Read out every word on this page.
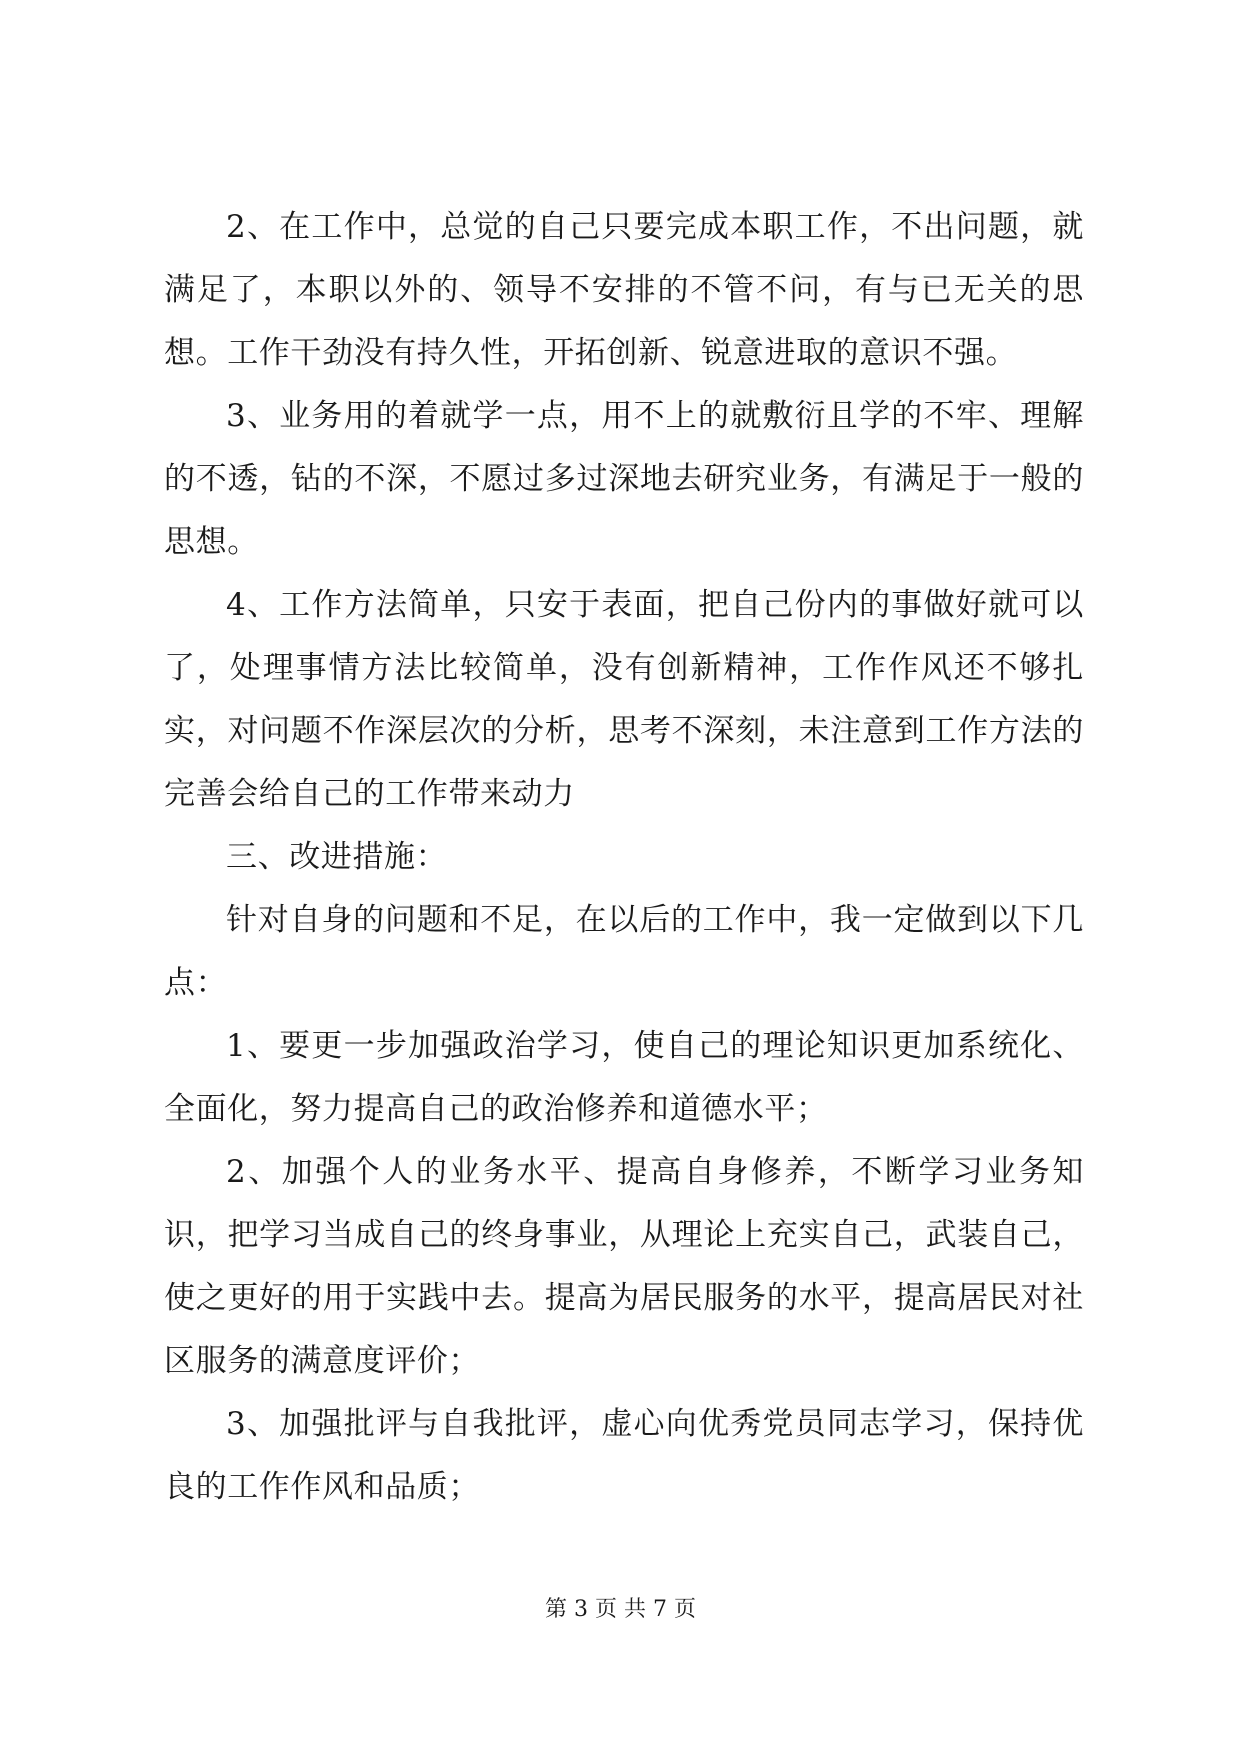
2、在工作中，总觉的自己只要完成本职工作，不出问题，就满足了，本职以外的、领导不安排的不管不问，有与已无关的思想。工作干劲没有持久性，开拓创新、锐意进取的意识不强。

3、业务用的着就学一点，用不上的就敷衍且学的不牢、理解的不透，钻的不深，不愿过多过深地去研究业务，有满足于一般的思想。

4、工作方法简单，只安于表面，把自己份内的事做好就可以了，处理事情方法比较简单，没有创新精神，工作作风还不够扎实，对问题不作深层次的分析，思考不深刻，未注意到工作方法的完善会给自己的工作带来动力

三、改进措施：

针对自身的问题和不足，在以后的工作中，我一定做到以下几点：

1、要更一步加强政治学习，使自己的理论知识更加系统化、全面化，努力提高自己的政治修养和道德水平；

2、加强个人的业务水平、提高自身修养，不断学习业务知识，把学习当成自己的终身事业，从理论上充实自己，武装自己，使之更好的用于实践中去。提高为居民服务的水平，提高居民对社区服务的满意度评价；

3、加强批评与自我批评，虚心向优秀党员同志学习，保持优良的工作作风和品质；

第 3 页 共 7 页
